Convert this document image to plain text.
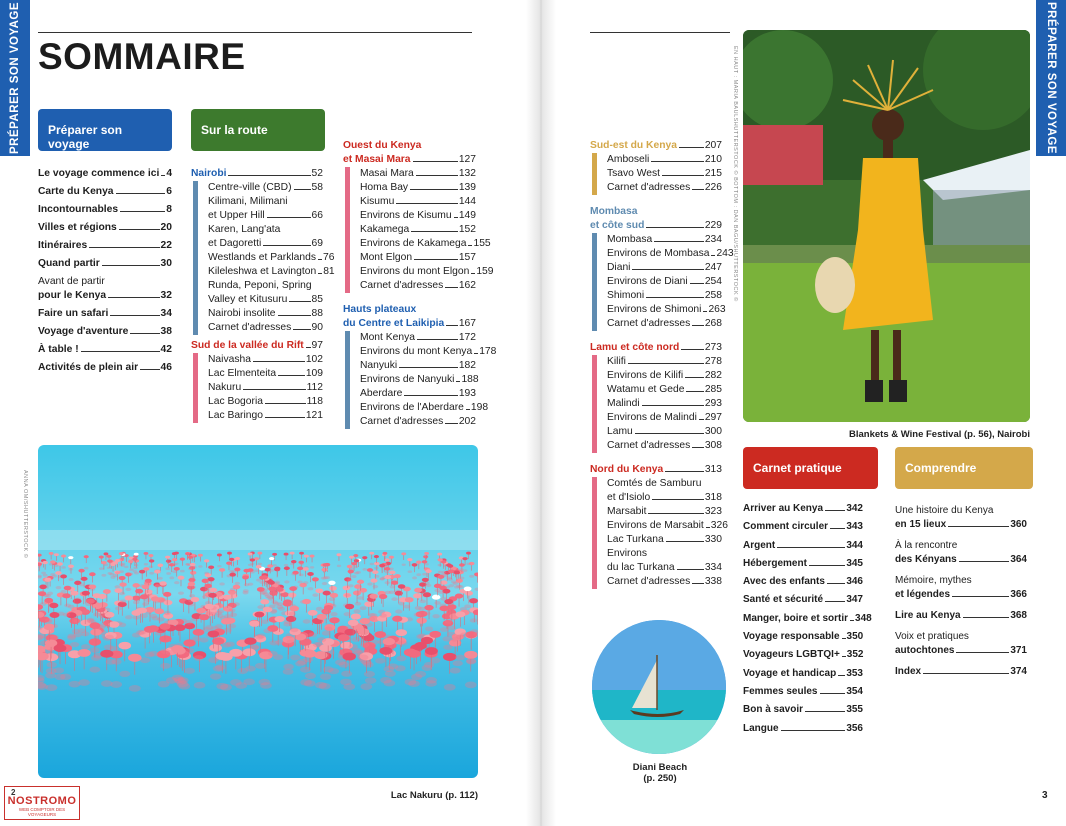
PRÉPARER SON VOYAGE SOMMAIRE
Préparer son voyage
Sur la route
Le voyage commence ici 4
Carte du Kenya	6
Incontournables	8
Villes et régions	20
Itinéraires	22
Quand partir	30
Avant de partir
pour le Kenya	32
Faire un safari	34
Voyage d'aventure	38
À table !	42
Activités de plein air 46
Nairobi	52
Centre-ville (CBD) 58
Kilimani, Milimani
et Upper Hill	66
Karen, Lang'ata
et Dagoretti	69
Westlands et Parklands 76
Kileleshwa et Lavington 81
Runda, Peponi, Spring
Valley et Kitusuru 85
Nairobi insolite	88
Carnet d'adresses 90
Sud de la vallée du Rift 97
Naivasha	102
Lac Elmenteita	109
Nakuru	112
Lac Bogoria	118
Lac Baringo	121
Ouest du Kenya
et Masai Mara	127
Masai Mara	132
Homa Bay	139
Kisumu	144
Environs de Kisumu 149
Kakamega	152
Environs de Kakamega 155
Mont Elgon	157
Environs du mont Elgon 159
Carnet d'adresses 162
Hauts plateaux
du Centre et Laikipia 167
Mont Kenya	172
Environs du mont Kenya 178
Nanyuki	182
Environs de Nanyuki 188
Aberdare	193
Environs de l'Aberdare 198
Carnet d'adresses 202
ANNA OM/SHUTTERSTOCK ©
Lac Nakuru (p. 112)
2
NOSTROMO
WEB COMPTOIR DES VOYAGEURS
PRÉPARER SON VOYAGE
Sud-est du Kenya	207
Amboseli	210
Tsavo West	215
Carnet d'adresses 226
Mombasa
et côte sud	229
Mombasa	234
Environs de Mombasa 243
Diani	247
Environs de Diani 254
Shimoni	258
Environs de Shimoni 263
Carnet d'adresses 268
Lamu et côte nord 273
Kilifi	278
Environs de Kilifi 282
Watamu et Gede 285
Malindi	293
Environs de Malindi 297
Lamu	300
Carnet d'adresses 308
Nord du Kenya	313
Comtés de Samburu
et d'Isiolo	318
Marsabit	323
Environs de Marsabit 326
Lac Turkana	330
Environs
du lac Turkana	334
Carnet d'adresses 338
EN HAUT : MARIA BAULSHUTTERSTOCK © BOTTOM : DAN BAGU/SHUTTERSTOCK ©
Blankets & Wine Festival (p. 56), Nairobi
Diani Beach
(p. 250)
Carnet pratique	Comprendre
Arriver au Kenya 342
Comment circuler 343
Argent	344
Hébergement	345
Avec des enfants 346
Santé et sécurité 347
Manger, boire et sortir 348
Voyage responsable 350
Voyageurs LGBTQI+ 352
Voyage et handicap 353
Femmes seules	354
Bon à savoir	355
Langue	356
Une histoire du Kenya
en 15 lieux	360
À la rencontre
des Kényans	364
Mémoire, mythes
et légendes	366
Lire au Kenya	368
Voix et pratiques
autochtones	371
Index	374
3
